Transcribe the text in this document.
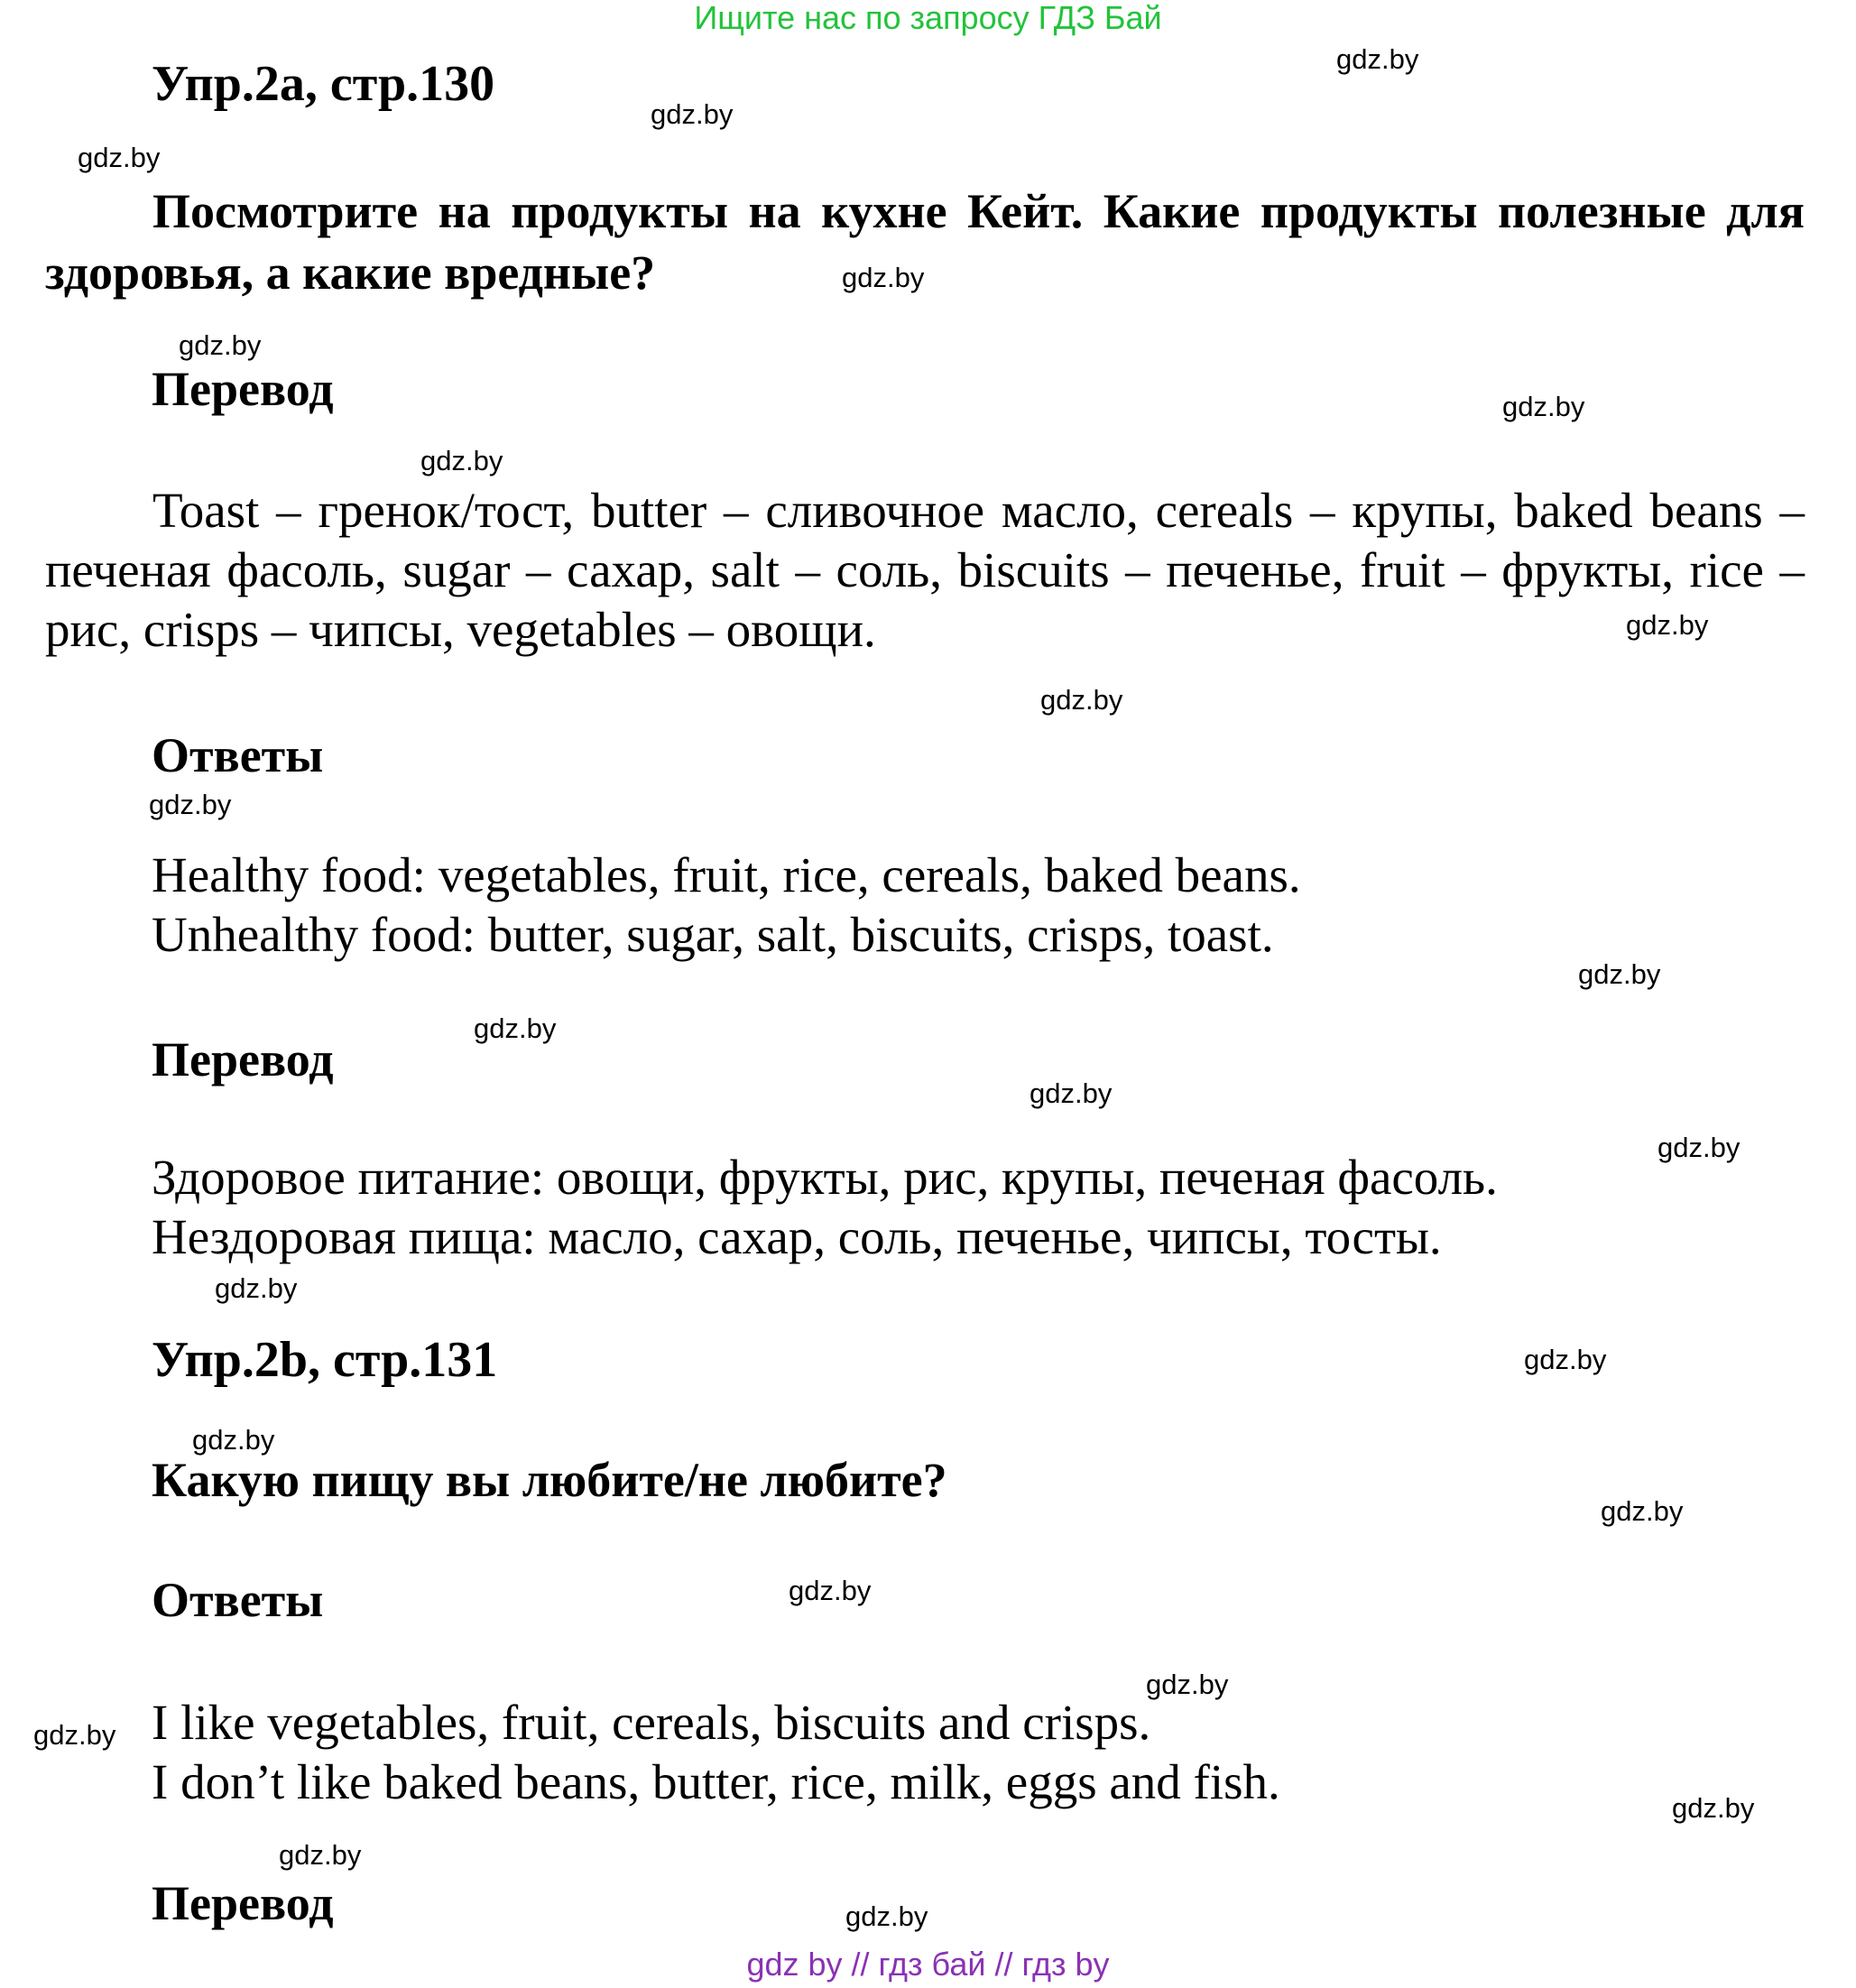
Ищите нас по запросу ГДЗ Бай
Упр.2а, стр.130
Посмотрите на продукты на кухне Кейт. Какие продукты полезные для здоровья, а какие вредные?
Перевод
Toast – гренок/тост, butter – сливочное масло, cereals – крупы, baked beans – печеная фасоль, sugar – сахар, salt – соль, biscuits – печенье, fruit – фрукты, rice – рис, crisps – чипсы, vegetables – овощи.
Ответы
Healthy food: vegetables, fruit, rice, cereals, baked beans.
Unhealthy food: butter, sugar, salt, biscuits, crisps, toast.
Перевод
Здоровое питание: овощи, фрукты, рис, крупы, печеная фасоль.
Нездоровая пища: масло, сахар, соль, печенье, чипсы, тосты.
Упр.2b, стр.131
Какую пищу вы любите/не любите?
Ответы
I like vegetables, fruit, cereals, biscuits and crisps.
I don’t like baked beans, butter, rice, milk, eggs and fish.
Перевод
gdz.by
gdz.by
gdz.by
gdz.by
gdz.by
gdz.by
gdz.by
gdz.by
gdz.by
gdz.by
gdz.by
gdz.by
gdz.by
gdz.by
gdz.by
gdz.by
gdz.by
gdz.by
gdz.by
gdz.by
gdz.by
gdz.by
gdz.by
gdz.by
gdz by // гдз бай // гдз by
